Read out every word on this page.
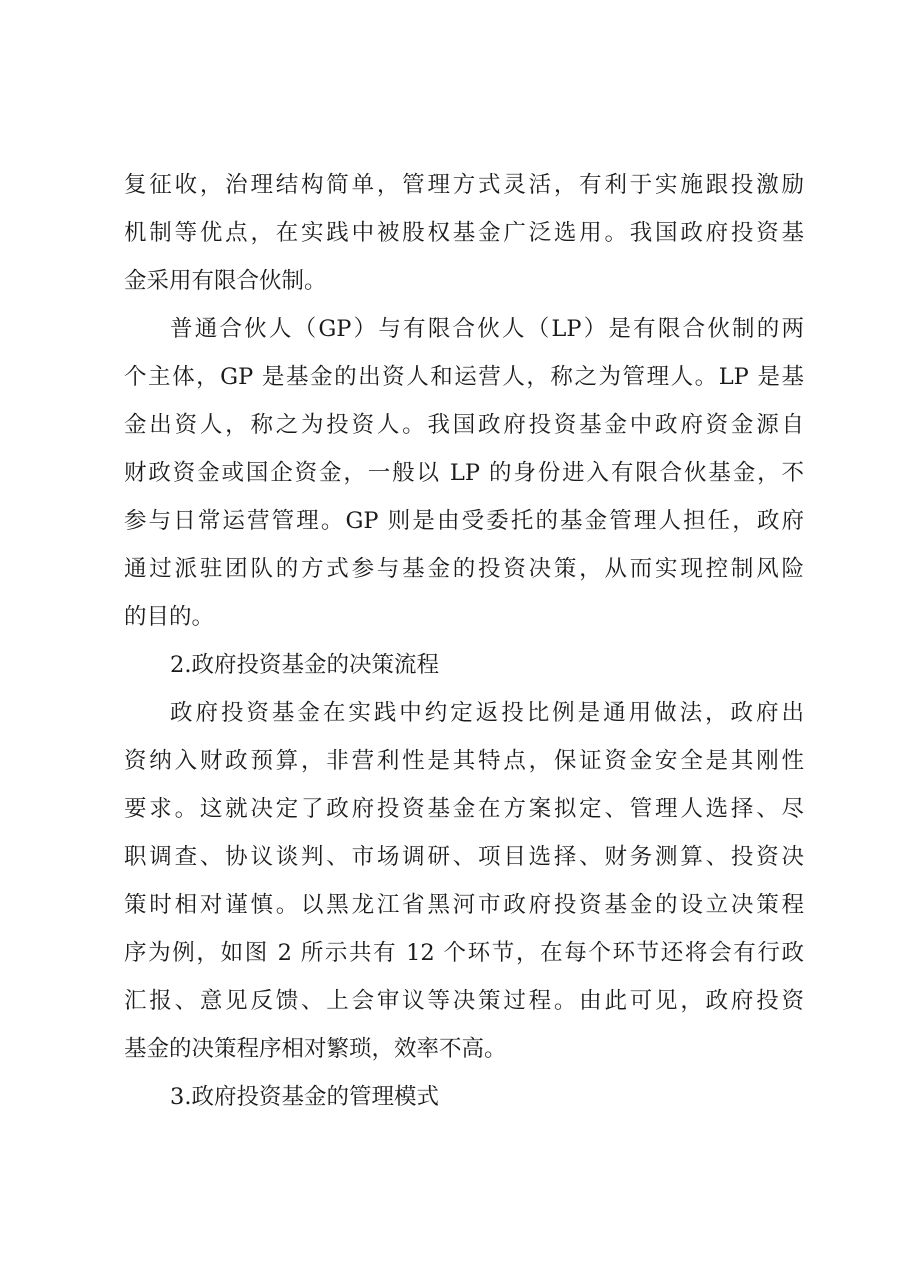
复征收，治理结构简单，管理方式灵活，有利于实施跟投激励
机制等优点，在实践中被股权基金广泛选用。我国政府投资基
金采用有限合伙制。
普通合伙人（GP）与有限合伙人（LP）是有限合伙制的两
个主体，GP 是基金的出资人和运营人，称之为管理人。LP 是基
金出资人，称之为投资人。我国政府投资基金中政府资金源自
财政资金或国企资金，一般以 LP 的身份进入有限合伙基金，不
参与日常运营管理。GP 则是由受委托的基金管理人担任，政府
通过派驻团队的方式参与基金的投资决策，从而实现控制风险
的目的。
2.政府投资基金的决策流程
政府投资基金在实践中约定返投比例是通用做法，政府出
资纳入财政预算，非营利性是其特点，保证资金安全是其刚性
要求。这就决定了政府投资基金在方案拟定、管理人选择、尽
职调查、协议谈判、市场调研、项目选择、财务测算、投资决
策时相对谨慎。以黑龙江省黑河市政府投资基金的设立决策程
序为例，如图 2 所示共有 12 个环节，在每个环节还将会有行政
汇报、意见反馈、上会审议等决策过程。由此可见，政府投资
基金的决策程序相对繁琐，效率不高。
3.政府投资基金的管理模式
